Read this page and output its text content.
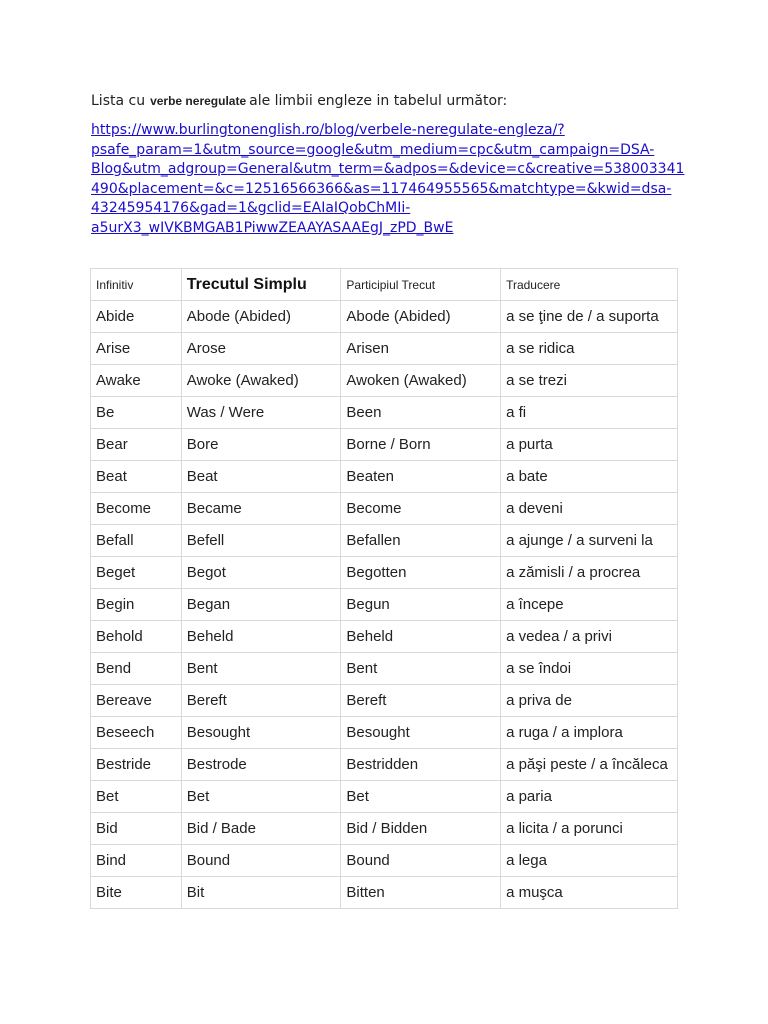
Lista cu verbe neregulate ale limbii engleze in tabelul următor:
https://www.burlingtonenglish.ro/blog/verbele-neregulate-engleza/?
psafe_param=1&utm_source=google&utm_medium=cpc&utm_campaign=DSA-
Blog&utm_adgroup=General&utm_term=&adpos=&device=c&creative=538003341
490&placement=&c=12516566366&as=117464955565&matchtype=&kwid=dsa-
43245954176&gad=1&gclid=EAIaIQobChMIi-
a5urX3_wIVKBMGAB1PiwwZEAAYASAAEgJ_zPD_BwE
Infinitiv	Trecutul Simplu	Participiul Trecut	Traducere
Abide	Abode (Abided)	Abode (Abided)	a se ţine de / a suporta
Arise	Arose	Arisen	a se ridica
Awake	Awoke (Awaked)	Awoken (Awaked)	a se trezi
Be	Was / Were	Been	a fi
Bear	Bore	Borne / Born	a purta
Beat	Beat	Beaten	a bate
Become	Became	Become	a deveni
Befall	Befell	Befallen	a ajunge / a surveni la
Beget	Begot	Begotten	a zămisli / a procrea
Begin	Began	Begun	a începe
Behold	Beheld	Beheld	a vedea / a privi
Bend	Bent	Bent	a se îndoi
Bereave	Bereft	Bereft	a priva de
Beseech	Besought	Besought	a ruga / a implora
Bestride	Bestrode	Bestridden	a păşi peste / a încăleca
Bet	Bet	Bet	a paria
Bid	Bid / Bade	Bid / Bidden	a licita / a porunci
Bind	Bound	Bound	a lega
Bite	Bit	Bitten	a muşca
